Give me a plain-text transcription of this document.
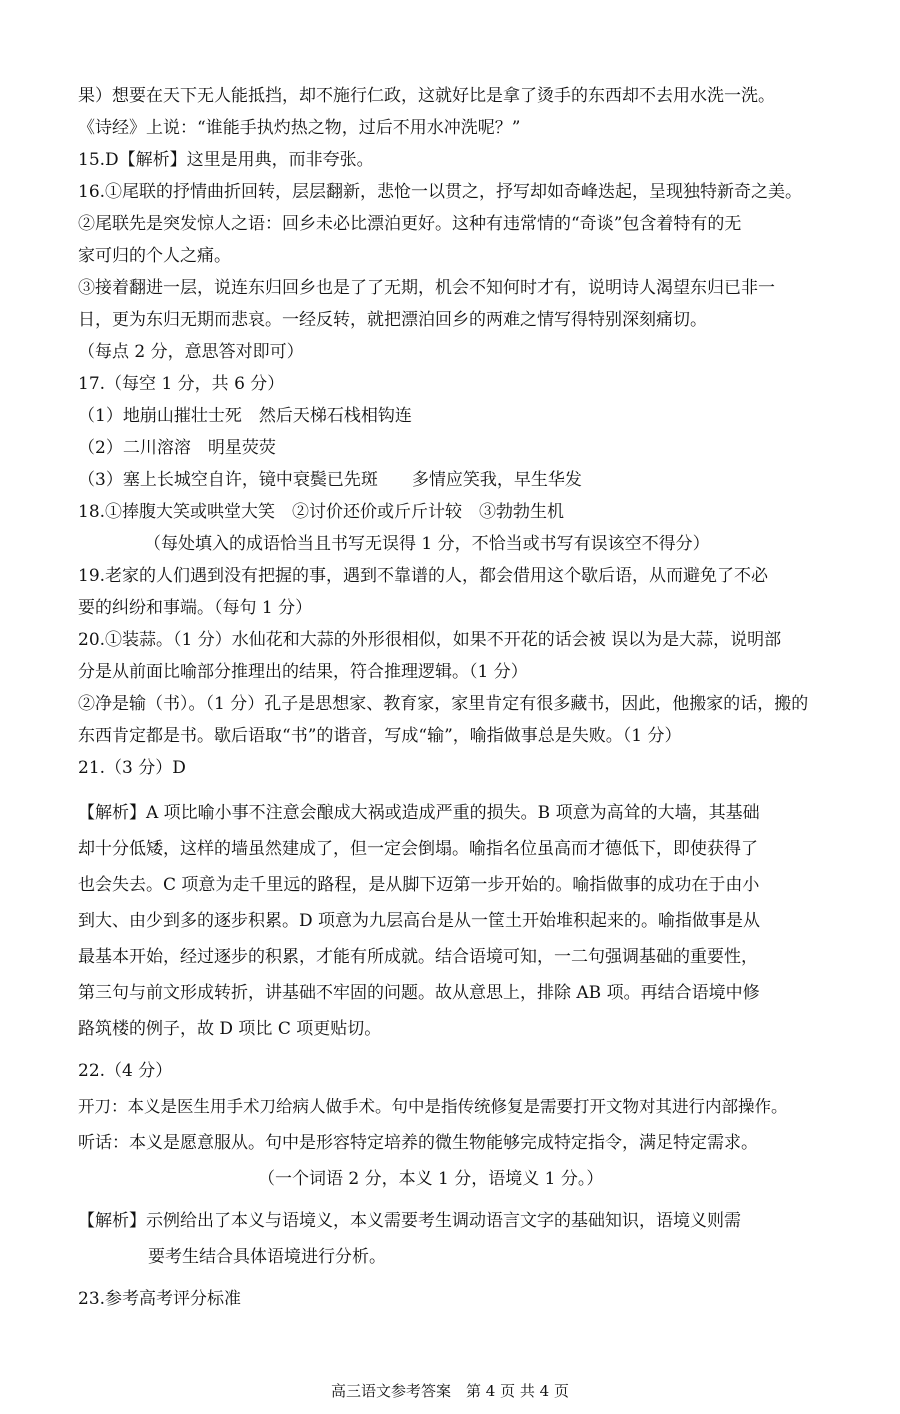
果）想要在天下无人能抵挡，却不施行仁政，这就好比是拿了烫手的东西却不去用水洗一洗。
《诗经》上说：“谁能手执灼热之物，过后不用水冲洗呢？”
15.D【解析】这里是用典，而非夸张。
16.①尾联的抒情曲折回转，层层翻新，悲怆一以贯之，抒写却如奇峰迭起，呈现独特新奇之美。
②尾联先是突发惊人之语：回乡未必比漂泊更好。这种有违常情的“奇谈”包含着特有的无
家可归的个人之痛。
③接着翻进一层，说连东归回乡也是了了无期，机会不知何时才有，说明诗人渴望东归已非一
日，更为东归无期而悲哀。一经反转，就把漂泊回乡的两难之情写得特别深刻痛切。
（每点 2 分，意思答对即可）
17.（每空 1 分，共 6 分）
（1）地崩山摧壮士死　然后天梯石栈相钩连
（2）二川溶溶　明星荧荧
（3）塞上长城空自许，镜中衰鬓已先斑　　多情应笑我，早生华发
18.①捧腹大笑或哄堂大笑　②讨价还价或斤斤计较　③勃勃生机
（每处填入的成语恰当且书写无误得 1 分，不恰当或书写有误该空不得分）
19.老家的人们遇到没有把握的事，遇到不靠谱的人，都会借用这个歇后语，从而避免了不必
要的纠纷和事端。（每句 1 分）
20.①装蒜。（1 分）水仙花和大蒜的外形很相似，如果不开花的话会被 误以为是大蒜，说明部
分是从前面比喻部分推理出的结果，符合推理逻辑。（1 分）
②净是输（书）。（1 分）孔子是思想家、教育家，家里肯定有很多藏书，因此，他搬家的话，搬的
东西肯定都是书。歇后语取“书”的谐音，写成“输”，喻指做事总是失败。（1 分）
21.（3 分）D
【解析】A 项比喻小事不注意会酿成大祸或造成严重的损失。B 项意为高耸的大墙，其基础
却十分低矮，这样的墙虽然建成了，但一定会倒塌。喻指名位虽高而才德低下，即使获得了
也会失去。C 项意为走千里远的路程，是从脚下迈第一步开始的。喻指做事的成功在于由小
到大、由少到多的逐步积累。D 项意为九层高台是从一筐土开始堆积起来的。喻指做事是从
最基本开始，经过逐步的积累，才能有所成就。结合语境可知，一二句强调基础的重要性，
第三句与前文形成转折，讲基础不牢固的问题。故从意思上，排除 AB 项。再结合语境中修
路筑楼的例子，故 D 项比 C 项更贴切。
22.（4 分）
开刀：本义是医生用手术刀给病人做手术。句中是指传统修复是需要打开文物对其进行内部操作。
听话：本义是愿意服从。句中是形容特定培养的微生物能够完成特定指令，满足特定需求。
（一个词语 2 分，本义 1 分，语境义 1 分。）
【解析】示例给出了本义与语境义，本义需要考生调动语言文字的基础知识，语境义则需
要考生结合具体语境进行分析。
23.参考高考评分标准
高三语文参考答案　第 4 页 共 4 页
